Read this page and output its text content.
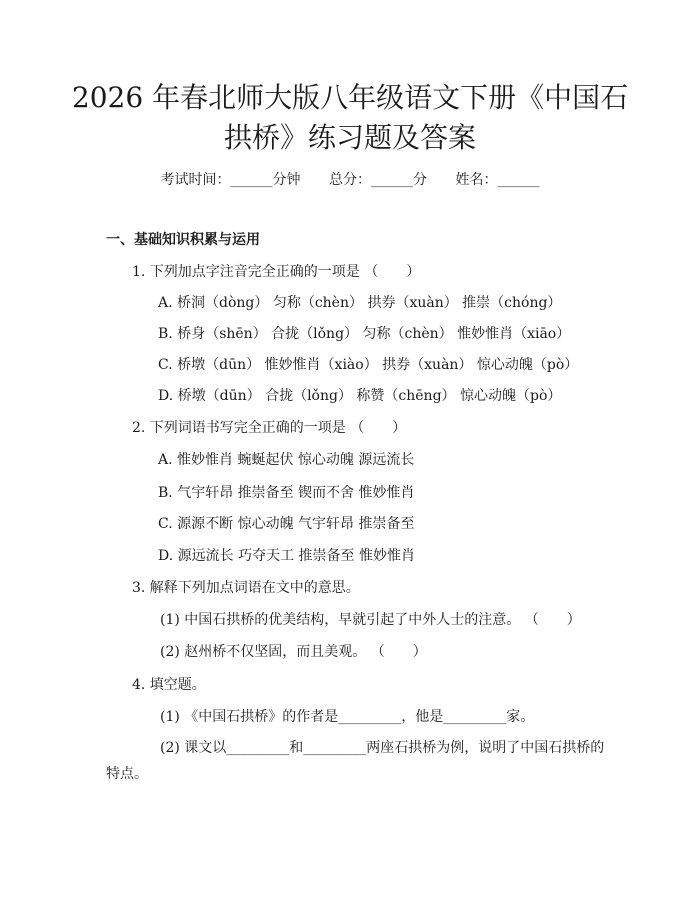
2026 年春北师大版八年级语文下册《中国石
拱桥》练习题及答案
考试时间：______分钟 总分：______分 姓名：______
一、基础知识积累与运用
1. 下列加点字注音完全正确的一项是 （　　）
A. 桥洞（dòng） 匀称（chèn） 拱券（xuàn） 推崇（chóng）
B. 桥身（shēn） 合拢（lǒng） 匀称（chèn） 惟妙惟肖（xiāo）
C. 桥墩（dūn） 惟妙惟肖（xiào） 拱券（xuàn） 惊心动魄（pò）
D. 桥墩（dūn） 合拢（lǒng） 称赞（chēng） 惊心动魄（pò）
2. 下列词语书写完全正确的一项是 （　　）
A. 惟妙惟肖 蜿蜒起伏 惊心动魄 源远流长
B. 气宇轩昂 推崇备至 锲而不舍 惟妙惟肖
C. 源源不断 惊心动魄 气宇轩昂 推崇备至
D. 源远流长 巧夺天工 推崇备至 惟妙惟肖
3. 解释下列加点词语在文中的意思。
(1) 中国石拱桥的优美结构，早就引起了中外人士的注意。 （　　）
(2) 赵州桥不仅坚固，而且美观。 （　　）
4. 填空题。
(1) 《中国石拱桥》的作者是_________，他是_________家。
(2) 课文以_________和_________两座石拱桥为例，说明了中国石拱桥的特点。
